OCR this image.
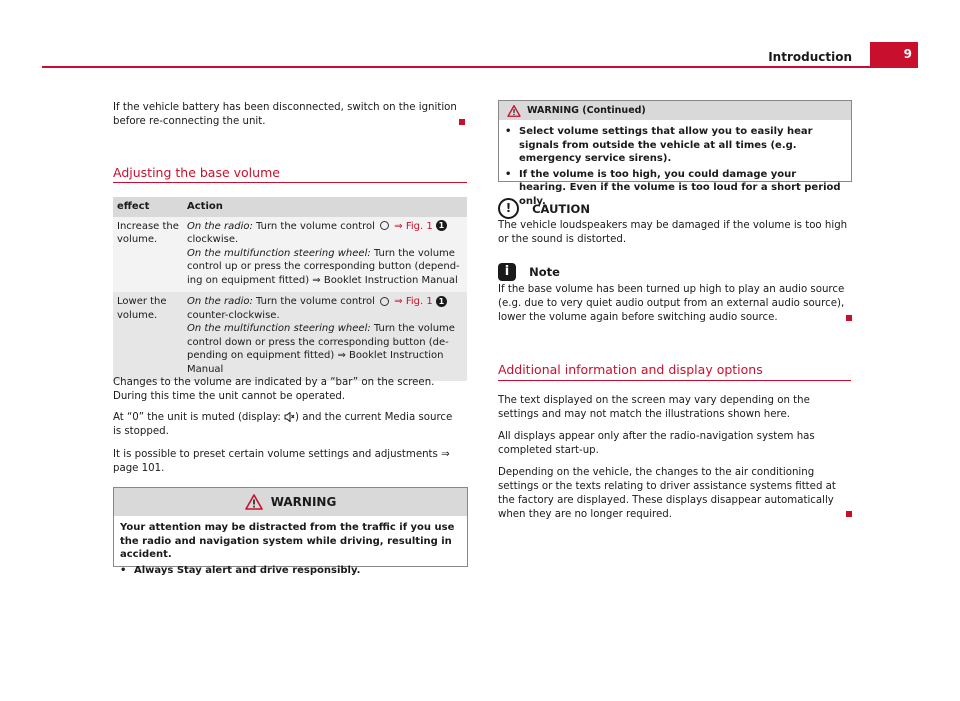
Introduction	9

If the vehicle battery has been disconnected, switch on the ignition before re-connecting the unit.

Adjusting the base volume
effect	Action
Increase the volume.	On the radio: Turn the volume control ⇒ Fig. 1 1
clockwise.
On the multifunction steering wheel: Turn the volume control up or press the corresponding button (depending on equipment fitted) ⇒ Booklet Instruction Manual
Lower the volume.	On the radio: Turn the volume control ⇒ Fig. 1 1
counter-clockwise.
On the multifunction steering wheel: Turn the volume control down or press the corresponding button (depending on equipment fitted) ⇒ Booklet Instruction Manual

Changes to the volume are indicated by a “bar” on the screen. During this time the unit cannot be operated.

At “0” the unit is muted (display: ) and the current Media source is stopped.

It is possible to preset certain volume settings and adjustments ⇒ page 101.

WARNING

Your attention may be distracted from the traffic if you use the radio and navigation system while driving, resulting in accident.

• Always Stay alert and drive responsibly.
WARNING (Continued)
• Select volume settings that allow you to easily hear signals from outside the vehicle at all times (e.g. emergency service sirens).
• If the volume is too high, you could damage your hearing. Even if the volume is too loud for a short period only.
! CAUTION

The vehicle loudspeakers may be damaged if the volume is too high or the sound is distorted.

i Note

If the base volume has been turned up high to play an audio source (e.g. due to very quiet audio output from an external audio source), lower the volume again before switching audio source.

Additional information and display options

The text displayed on the screen may vary depending on the settings and may not match the illustrations shown here.

All displays appear only after the radio-navigation system has completed start-up.

Depending on the vehicle, the changes to the air conditioning settings or the texts relating to driver assistance systems fitted at the factory are displayed. These displays disappear automatically when they are no longer required.
